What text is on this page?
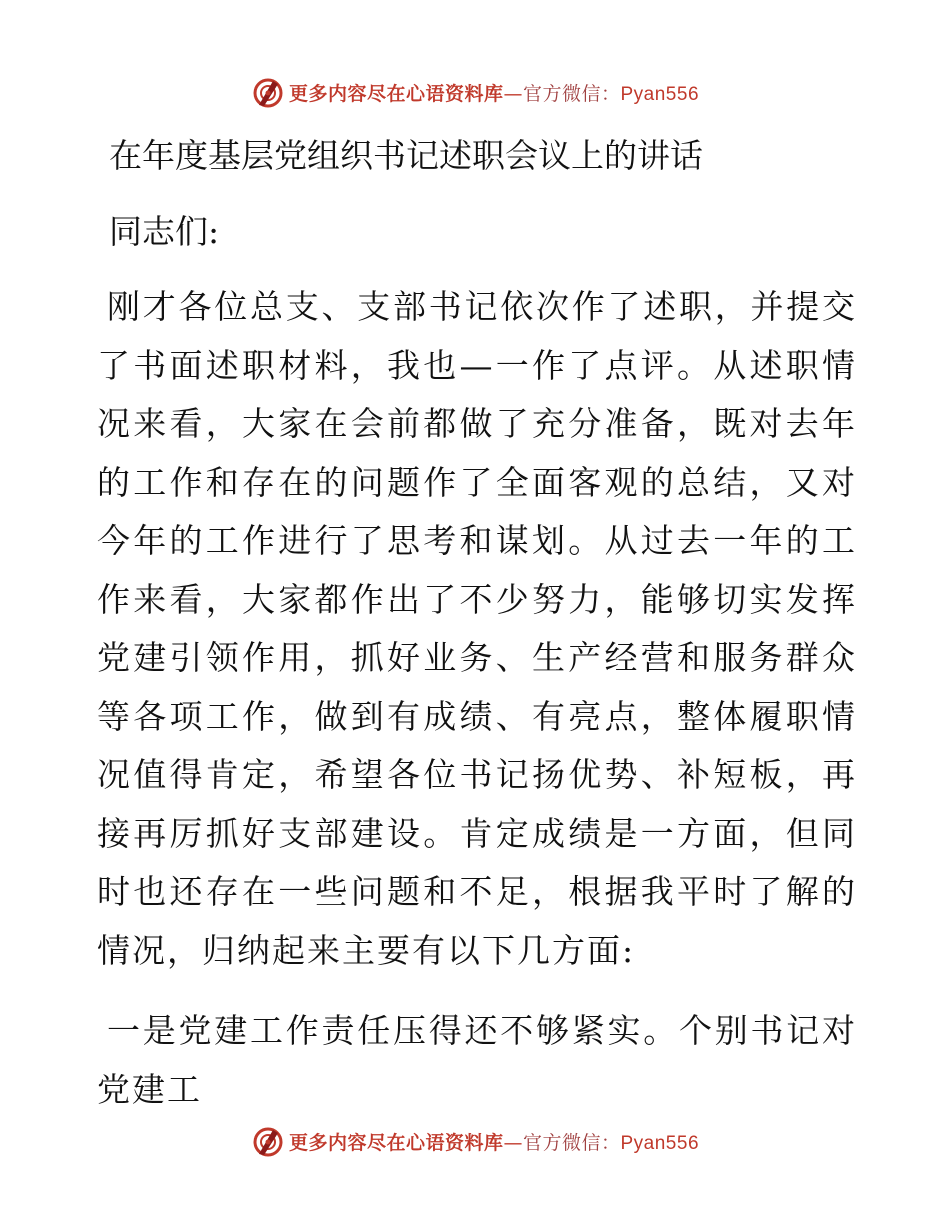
更多内容尽在心语资料库—官方微信：Pyan556
在年度基层党组织书记述职会议上的讲话
同志们:

刚才各位总支、支部书记依次作了述职，并提交了书面述职材料，我也—一作了点评。从述职情况来看，大家在会前都做了充分准备，既对去年的工作和存在的问题作了全面客观的总结，又对今年的工作进行了思考和谋划。从过去一年的工作来看，大家都作出了不少努力，能够切实发挥党建引领作用，抓好业务、生产经营和服务群众等各项工作，做到有成绩、有亮点，整体履职情况值得肯定，希望各位书记扬优势、补短板，再接再厉抓好支部建设。肯定成绩是一方面，但同时也还存在一些问题和不足，根据我平时了解的情况，归纳起来主要有以下几方面:

一是党建工作责任压得还不够紧实。个别书记对党建工

更多内容尽在心语资料库—官方微信：Pyan556
